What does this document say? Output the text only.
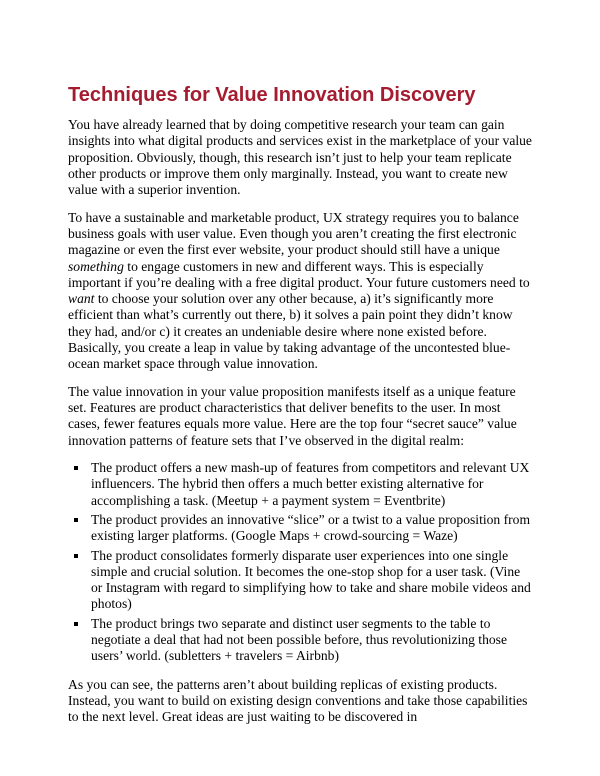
Techniques for Value Innovation Discovery

You have already learned that by doing competitive research your team can gain insights into what digital products and services exist in the marketplace of your value proposition. Obviously, though, this research isn’t just to help your team replicate other products or improve them only marginally. Instead, you want to create new value with a superior invention.

To have a sustainable and marketable product, UX strategy requires you to balance business goals with user value. Even though you aren’t creating the first electronic magazine or even the first ever website, your product should still have a unique something to engage customers in new and different ways. This is especially important if you’re dealing with a free digital product. Your future customers need to want to choose your solution over any other because, a) it’s significantly more efficient than what’s currently out there, b) it solves a pain point they didn’t know they had, and/or c) it creates an undeniable desire where none existed before. Basically, you create a leap in value by taking advantage of the uncontested blue-ocean market space through value innovation.

The value innovation in your value proposition manifests itself as a unique feature set. Features are product characteristics that deliver benefits to the user. In most cases, fewer features equals more value. Here are the top four “secret sauce” value innovation patterns of feature sets that I’ve observed in the digital realm:

▪ The product offers a new mash-up of features from competitors and relevant UX influencers. The hybrid then offers a much better existing alternative for accomplishing a task. (Meetup + a payment system = Eventbrite)
▪ The product provides an innovative “slice” or a twist to a value proposition from existing larger platforms. (Google Maps + crowd-sourcing = Waze)
▪ The product consolidates formerly disparate user experiences into one single simple and crucial solution. It becomes the one-stop shop for a user task. (Vine or Instagram with regard to simplifying how to take and share mobile videos and photos)
▪ The product brings two separate and distinct user segments to the table to negotiate a deal that had not been possible before, thus revolutionizing those users’ world. (subletters + travelers = Airbnb)

As you can see, the patterns aren’t about building replicas of existing products. Instead, you want to build on existing design conventions and take those capabilities to the next level. Great ideas are just waiting to be discovered in
